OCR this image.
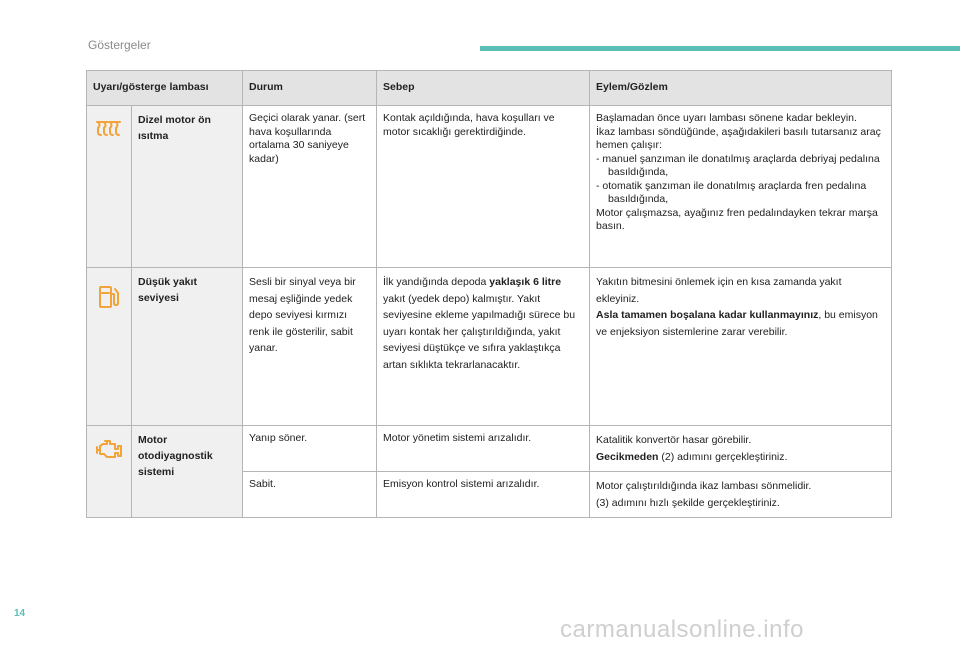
Göstergeler
Uyarı/gösterge lambası		Durum	Sebep	Eylem/Gözlem
	Dizel motor ön ısıtma	Geçici olarak yanar. (sert hava koşullarında ortalama 30 saniyeye kadar)	Kontak açıldığında, hava koşulları ve motor sıcaklığı gerektirdiğinde.	Başlamadan önce uyarı lambası sönene kadar bekleyin.
İkaz lambası söndüğünde, aşağıdakileri basılı tutarsanız araç hemen çalışır:
- manuel şanzıman ile donatılmış araçlarda debriyaj pedalına basıldığında,
- otomatik şanzıman ile donatılmış araçlarda fren pedalına basıldığında,
Motor çalışmazsa, ayağınız fren pedalındayken tekrar marşa basın.

	Düşük yakıt seviyesi	Sesli bir sinyal veya bir mesaj eşliğinde yedek depo seviyesi kırmızı renk ile gösterilir, sabit yanar.	İlk yandığında depoda yaklaşık 6 litre yakıt (yedek depo) kalmıştır. Yakıt seviyesine ekleme yapılmadığı sürece bu uyarı kontak her çalıştırıldığında, yakıt seviyesi düştükçe ve sıfıra yaklaştıkça artan sıklıkta tekrarlanacaktır.	Yakıtın bitmesini önlemek için en kısa zamanda yakıt ekleyiniz.
Asla tamamen boşalana kadar kullanmayınız, bu emisyon ve enjeksiyon sistemlerine zarar verebilir.

	Motor otodiyagnostik sistemi	Yanıp söner.	Motor yönetim sistemi arızalıdır.	Katalitik konvertör hasar görebilir.
Gecikmeden (2) adımını gerçekleştiriniz.

		Sabit.	Emisyon kontrol sistemi arızalıdır.	Motor çalıştırıldığında ikaz lambası sönmelidir.
(3) adımını hızlı şekilde gerçekleştiriniz.
14
carmanualsonline.info
